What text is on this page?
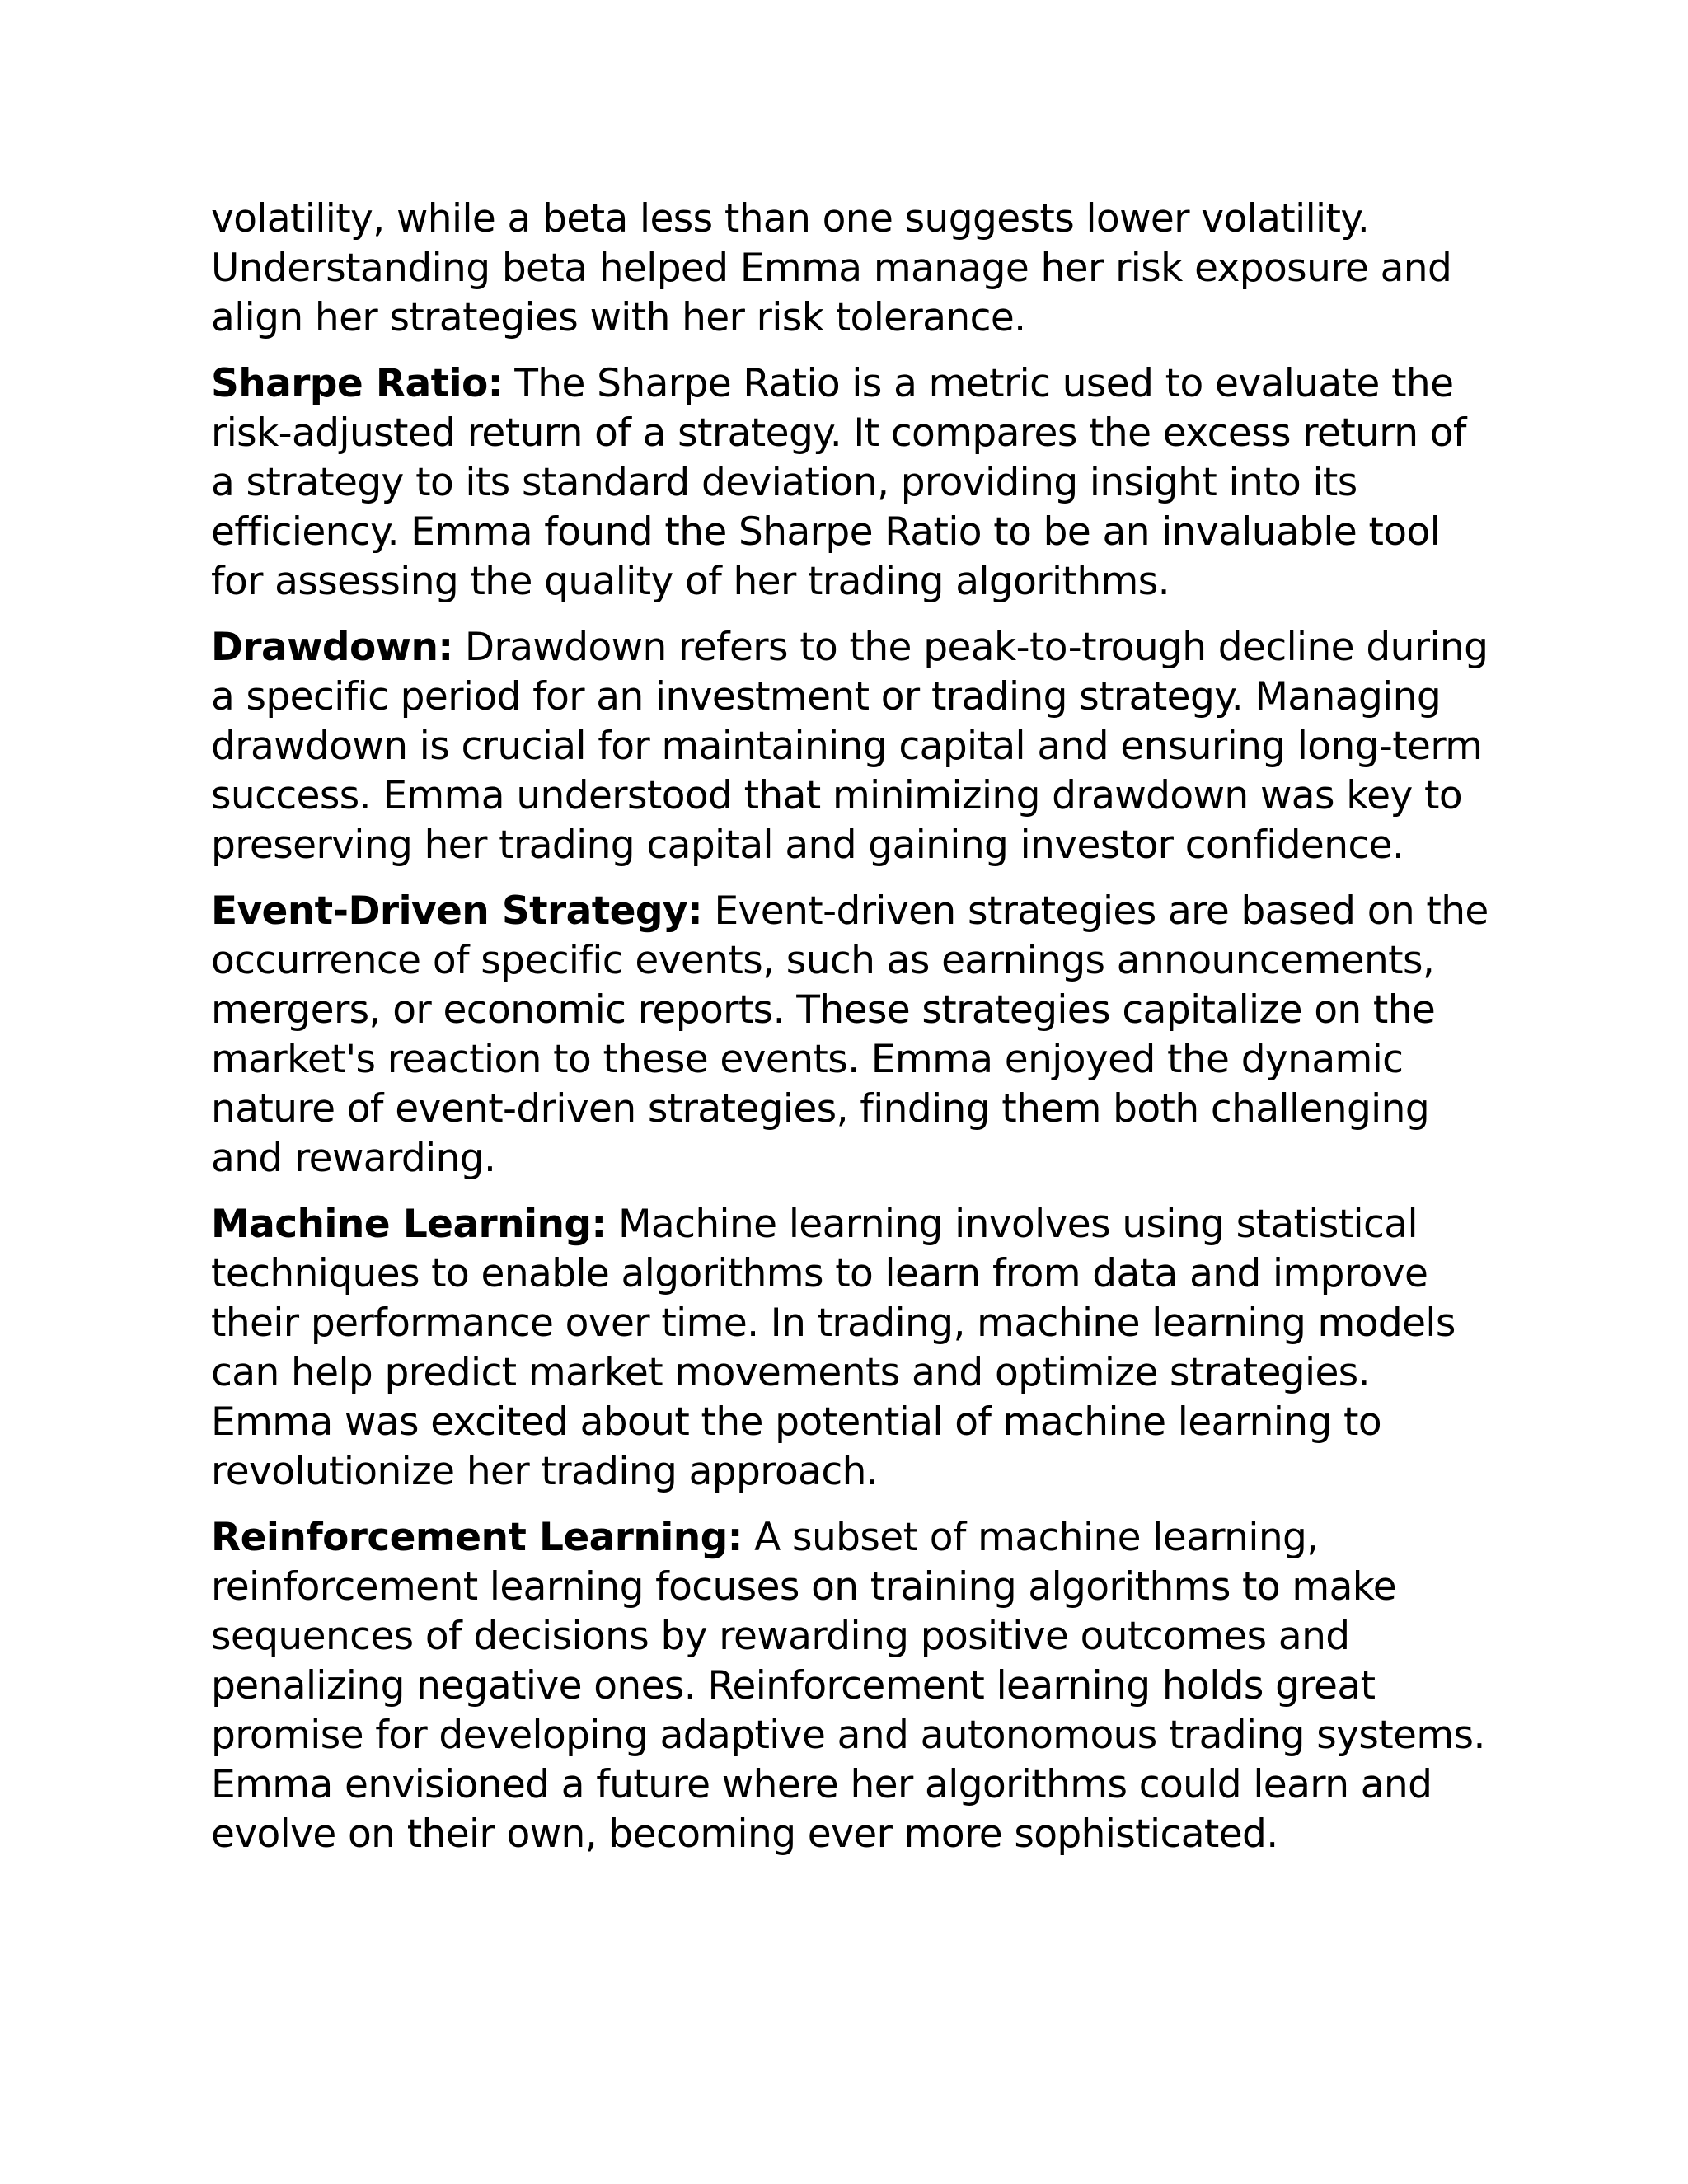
volatility, while a beta less than one suggests lower volatility. Understanding beta helped Emma manage her risk exposure and align her strategies with her risk tolerance.

Sharpe Ratio: The Sharpe Ratio is a metric used to evaluate the risk-adjusted return of a strategy. It compares the excess return of a strategy to its standard deviation, providing insight into its efficiency. Emma found the Sharpe Ratio to be an invaluable tool for assessing the quality of her trading algorithms.

Drawdown: Drawdown refers to the peak-to-trough decline during a specific period for an investment or trading strategy. Managing drawdown is crucial for maintaining capital and ensuring long-term success. Emma understood that minimizing drawdown was key to preserving her trading capital and gaining investor confidence.

Event-Driven Strategy: Event-driven strategies are based on the occurrence of specific events, such as earnings announcements, mergers, or economic reports. These strategies capitalize on the market's reaction to these events. Emma enjoyed the dynamic nature of event-driven strategies, finding them both challenging and rewarding.

Machine Learning: Machine learning involves using statistical techniques to enable algorithms to learn from data and improve their performance over time. In trading, machine learning models can help predict market movements and optimize strategies. Emma was excited about the potential of machine learning to revolutionize her trading approach.

Reinforcement Learning: A subset of machine learning, reinforcement learning focuses on training algorithms to make sequences of decisions by rewarding positive outcomes and penalizing negative ones. Reinforcement learning holds great promise for developing adaptive and autonomous trading systems. Emma envisioned a future where her algorithms could learn and evolve on their own, becoming ever more sophisticated.
